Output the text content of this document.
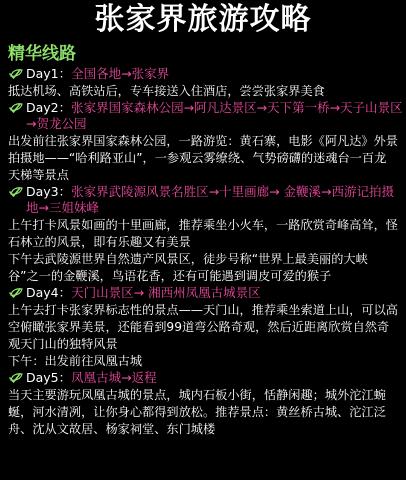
张家界旅游攻略
精华线路
Day1：全国各地→张家界

抵达机场、高铁站后，专车接送入住酒店，尝尝张家界美食

Day2：张家界国家森林公园→阿凡达景区→天下第一桥→天子山景区→贺龙公园

出发前往张家界国家森林公园，一路游览：黄石寨，电影《阿凡达》外景拍摄地——“哈利路亚山”，一参观云雾缭绕、气势磅礴的迷魂台一百龙天梯等景点

Day3：张家界武陵源风景名胜区→十里画廊→ 金鞭溪→西游记拍摄地→三姐妹峰

上午打卡风景如画的十里画廊，推荐乘坐小火车，一路欣赏奇峰高耸，怪石林立的风景，即有乐趣又有美景

下午去武陵源世界自然遗产风景区，徒步号称“世界上最美丽的大峡谷”之一的金鞭溪，鸟语花香，还有可能遇到调皮可爱的猴子

Day4：天门山景区→ 湘西州凤凰古城景区

上午去打卡张家界标志性的景点——天门山，推荐乘坐索道上山，可以高空俯瞰张家界美景，还能看到99道弯公路奇观，然后近距离欣赏自然奇观天门山的独特风景

下午：出发前往凤凰古城

Day5：凤凰古城→返程

当天主要游玩凤凰古城的景点，城内石板小街，恬静闲趣；城外沱江蜿蜒，河水清冽，让你身心都得到放松。推荐景点：黄丝桥古城、沱江泛舟、沈从文故居、杨家祠堂、东门城楼
